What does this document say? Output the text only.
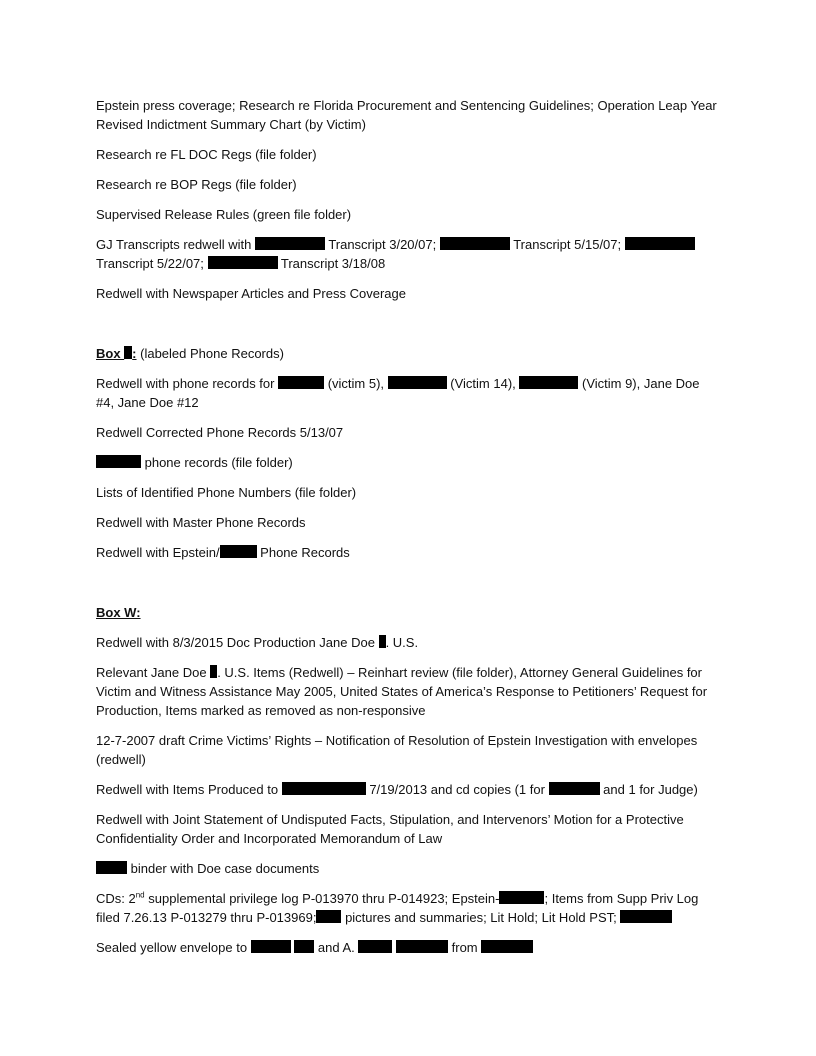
Epstein press coverage; Research re Florida Procurement and Sentencing Guidelines; Operation Leap Year Revised Indictment Summary Chart (by Victim)

Research re FL DOC Regs (file folder)

Research re BOP Regs (file folder)

Supervised Release Rules (green file folder)

GJ Transcripts redwell with	Transcript 3/20/07;	Transcript 5/15/07;  Transcript 5/22/07;	Transcript 3/18/08

Redwell with Newspaper Articles and Press Coverage

Box : (labeled Phone Records)

Redwell with phone records for	(victim 5),	(Victim 14),	(Victim 9), Jane Doe #4, Jane Doe #12

Redwell Corrected Phone Records 5/13/07

phone records (file folder)

Lists of Identified Phone Numbers (file folder)

Redwell with Master Phone Records

Redwell with Epstein/	Phone Records

Box W:

Redwell with 8/3/2015 Doc Production Jane Doe . U.S.

Relevant Jane Doe . U.S. Items (Redwell) – Reinhart review (file folder), Attorney General Guidelines for Victim and Witness Assistance May 2005, United States of America’s Response to Petitioners’ Request for Production, Items marked as removed as non-responsive

12-7-2007 draft Crime Victims’ Rights – Notification of Resolution of Epstein Investigation with envelopes (redwell)

Redwell with Items Produced to	7/19/2013 and cd copies (1 for	and 1 for Judge)

Redwell with Joint Statement of Undisputed Facts, Stipulation, and Intervenors’ Motion for a Protective Confidentiality Order and Incorporated Memorandum of Law

binder with Doe case documents

CDs: 2nd supplemental privilege log P-013970 thru P-014923; Epstein-	; Items from Supp Priv Log filed 7.26.13 P-013279 thru P-013969; pictures and summaries; Lit Hold; Lit Hold PST;

Sealed yellow envelope to	and A.	from
